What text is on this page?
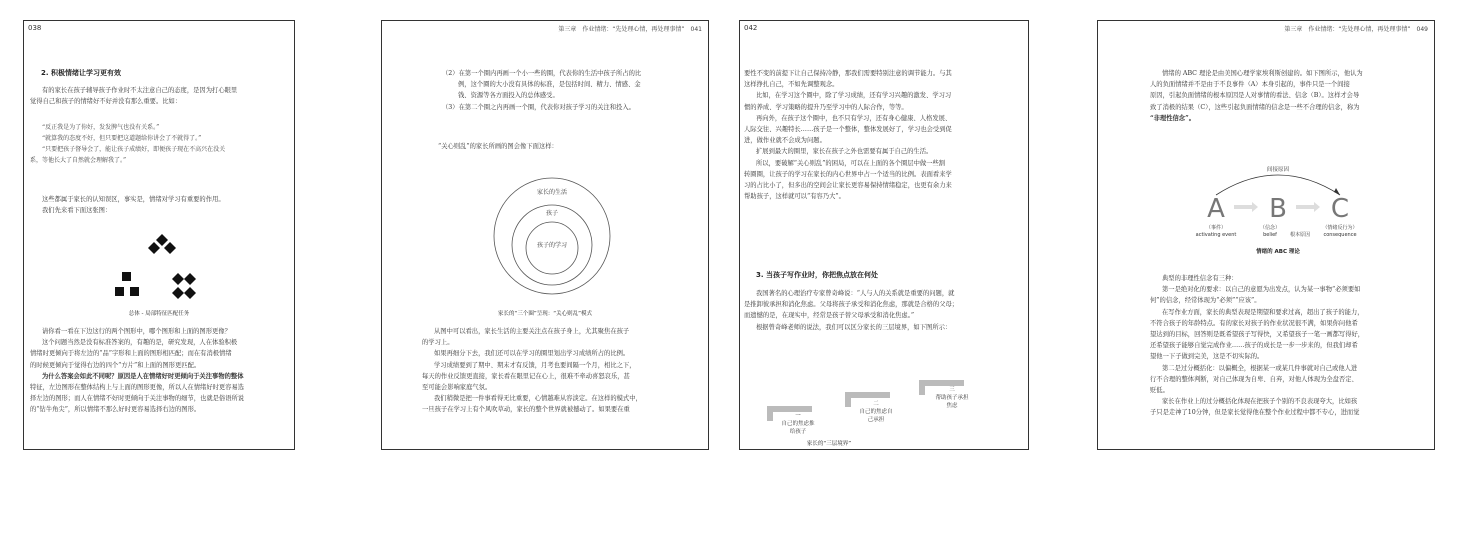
038
2. 积极情绪让学习更有效

有的家长在孩子辅导孩子作业时不太注意自己的态度，是因为打心眼里

觉得自己和孩子的情绪好不好并没有那么重要。比如：

“反正我是为了你好，发发脾气也没有关系。”

“就算我的态度不好，但只要把这道题给你讲会了不就得了。”

“只要把孩子督导会了，能让孩子成绩好，即便孩子现在不高兴在没关

系，等他长大了自然就会理解我了。”

这些都属于家长的认知误区，事实是，情绪对学习有重要的作用。

我们先来看下面这张图：

总体 - 局部特征匹配任务

请你看一看在下边这行的两个图形中，哪个图形和上面的图形更像？

这个问题当然是没有标准答案的，有趣的是，研究发现，人在体验积极

情绪时更倾向于将左边的“品”字形和上面的图形相匹配；而在有消极情绪

的时候更倾向于觉得右边的四个“方片”和上面的图形更匹配。

为什么答案会如此不同呢？原因是人在情绪好时更倾向于关注事物的整体

特征，左边图形在整体结构上与上面的图形更像，所以人在情绪好时更容易选

择左边的图形；而人在情绪不好时更倾向于关注事物的细节，也就是俗语所说

的“钻牛角尖”，所以情绪不那么好时更容易选择右边的图形。

第三章　作业情绪：“先处理心情，再处理事情”　041

（2）在第一个圈内再画一个小一些的圈，代表你的生活中孩子所占的比

例，这个圈的大小没有具体的标准，是包括时间、精力、情感、金

钱、资源等各方面投入的总体感受。

（3）在第二个圈之内再画一个圈，代表你对孩子学习的关注和投入。

“关心则乱”的家长所画的图会像下面这样：

家长的生活
孩子
孩子的学习
家长的“三个圈”呈现：“关心则乱”模式

从图中可以看出，家长生活的主要关注点在孩子身上，尤其聚焦在孩子

的学习上。

如果再细分下去，我们还可以在学习的圈里划出学习成绩所占的比例。

学习成绩要到了期中、期末才有反馈，月考也要间隔一个月，相比之下，

每天的作业反馈更直接，家长看在眼里记在心上，很难不牵动喜怒哀乐，甚

至可能会影响家庭气氛。

我们稍微是把一件事看得无比重要，心情越难从容淡定。在这样的模式中，

一旦孩子在学习上有个风吹草动，家长的整个世界就被撼动了。如果要在重

042

要性不变的前提下让自己保持冷静，那我们需要特别注意的调节能力。与其

这样挣扎自己，不如先调整观念。

比如，在学习这个圈中，除了学习成绩，还有学习兴趣的激发、学习习

惯的养成、学习策略的提升乃至学习中的人际合作，等等。

再向外，在孩子这个圈中，也不只有学习，还有身心健康、人格发展、

人际交往、兴趣特长……孩子是一个整体，整体发展好了，学习也会受到促

进，做作业就不会成为问题。

扩展到最大的圈里，家长在孩子之外也需要有属于自己的生活。

所以，要破解“关心则乱”的困局，可以在上面的各个圈层中做一些割

转圈圈，让孩子的学习在家长的内心世界中占一个适当的比例。表面看来学

习的占比小了，但多出的空间会让家长更容易保持情绪稳定，也更有余力来

帮助孩子，这样就可以“有容乃大”。

3. 当孩子写作业时，你把焦点放在何处

我国著名的心理治疗专家曾奇峰说：“人与人的关系就是重要的问题，就

是推卸彼承担和消化焦虑。父母将孩子承受和消化焦虑，那就是合格的父母；

而遗憾的是，在现实中，经常是孩子替父母承受和消化焦虑。”

根据曾奇峰老师的说法，我们可以区分家长的三层境界，如下图所示：

一
自己的焦虑推
给孩子
二
自己的焦虑自
己承担
三
帮助孩子承担
焦虑
家长的“三层境界”
第三章　作业情绪：“先处理心情，再处理事情”　049

情绪的 ABC 理论是由美国心理学家埃利斯创建的。如下图所示，他认为

人的负面情绪并不是由于不良事件（A）本身引起的，事件只是一个间接

原因，引起负面情绪的根本原因是人对事情的看法、信念（B）。这样才会导

致了消极的结果（C），这些引起负面情绪的信念是一些不合理的信念，称为

“非理性信念”。

间接原因
A B C
（事件）
activating event
（信念）
belief	根本原因
（情绪反行为）
consequence
情绪的 ABC 理论

典型的非理性信念有三种：

第一是绝对化的要求：以自己的意愿为出发点，认为某一事物“必须要如

何”的信念，经常体现为“必须”“应该”。

在写作业方面，家长的典型表现是期望和要求过高，超出了孩子的能力，

不符合孩子的年龄特点。有的家长对孩子的作业状况很不满，如果你问他希

望达到的目标，回答则是既希望孩子写得快，又希望孩子一笔一画都写得好，

还希望孩子能够自觉完成作业……孩子的成长是一步一步来的，但我们却希

望他一下子做到完美，这是不切实际的。

第二是过分概括化：以偏概全，根据某一或某几件事就对自己或他人进

行不合理的整体判断，对自己体现为自卑、自弃，对他人体现为全盘否定、

贬低。

家长在作业上的过分概括化体现在把孩子个别的不良表现夸大，比如孩

子只是走神了10分钟，但是家长觉得他在整个作业过程中都不专心，进而觉
